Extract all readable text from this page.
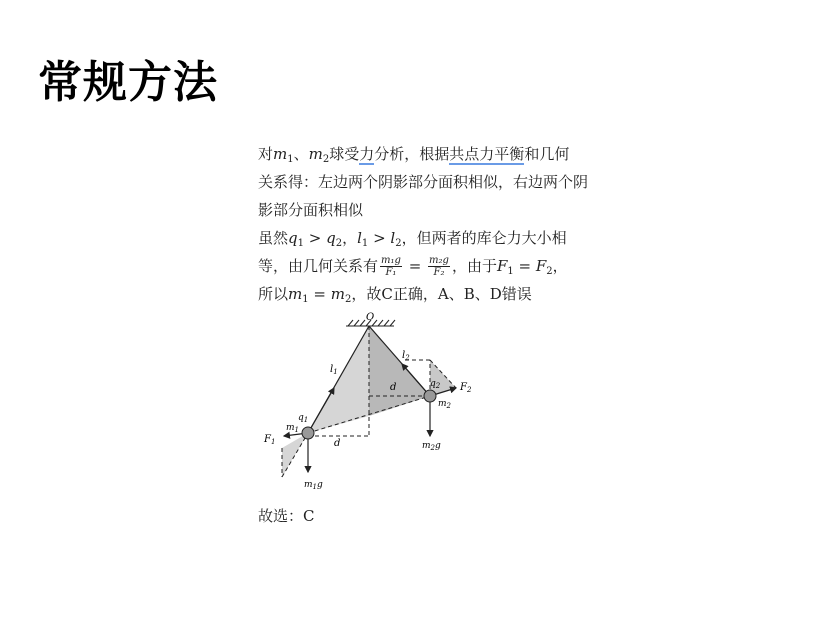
常规方法
对$m_1$、$m_2$球受力分析，根据共点力平衡和几何
关系得：左边两个阴影部分面积相似，右边两个阴
影部分面积相似
虽然$q_1 > q_2$，$l_1 > l_2$，但两者的库仑力大小相
等，由几何关系有 $\frac{\text{m₁g}}{\text{F₁}} = \frac{\text{m₂g}}{\text{F₂}}$ ，由于$F_1 = F_2$，
所以$m_1 = m_2$，故C正确，A、B、D错误
O
$l_1$
$l_2$
$q_1$
$q_2$
$m_1$
$m_2$
$F_1$
$F_2$
d
d
$m_1g$
$m_2g$
故选：C
